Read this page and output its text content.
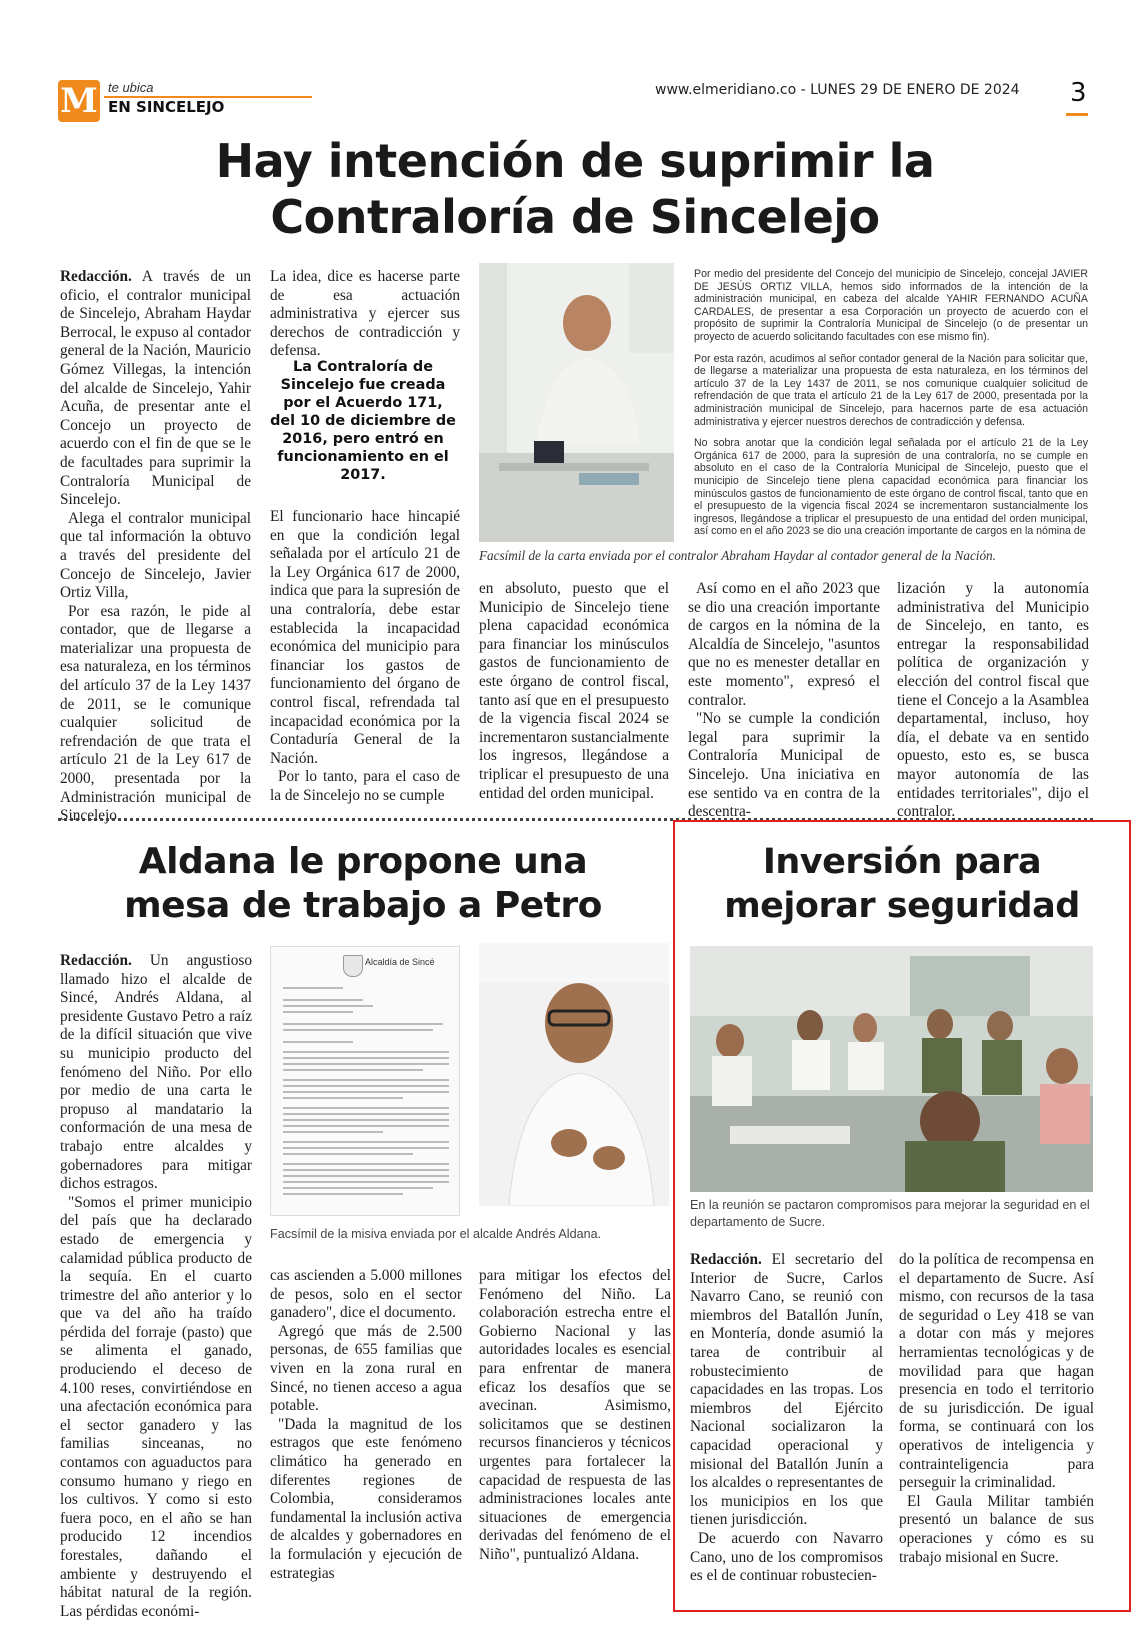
M te ubica
EN SINCELEJO
www.elmeridiano.co - LUNES 29 DE ENERO DE 2024 3
Hay intención de suprimir la
Contraloría de Sincelejo

Redacción. A través de un oficio, el contralor municipal de Sincelejo, Abraham Haydar Berrocal, le expuso al contador general de la Nación, Mauricio Gómez Villegas, la intención del alcalde de Sincelejo, Yahir Acuña, de presentar ante el Concejo un proyecto de acuerdo con el fin de que se le de facultades para suprimir la Contraloría Municipal de Sincelejo.

Alega el contralor municipal que tal información la obtuvo a través del presidente del Concejo de Sincelejo, Javier Ortiz Villa,

Por esa razón, le pide al contador, que de llegarse a materializar una propuesta de esa naturaleza, en los términos del artículo 37 de la Ley 1437 de 2011, se le comunique cualquier solicitud de refrendación de que trata el artículo 21 de la Ley 617 de 2000, presentada por la Administración municipal de Sincelejo.

La idea, dice es hacerse parte de esa actuación administrativa y ejercer sus derechos de contradicción y defensa.

La Contraloría de Sincelejo fue creada por el Acuerdo 171, del 10 de diciembre de 2016, pero entró en funcionamiento en el 2017.

El funcionario hace hincapié en que la condición legal señalada por el artículo 21 de la Ley Orgánica 617 de 2000, indica que para la supresión de una contraloría, debe estar establecida la incapacidad económica del municipio para financiar los gastos de funcionamiento del órgano de control fiscal, refrendada tal incapacidad económica por la Contaduría General de la Nación.

Por lo tanto, para el caso de la de Sincelejo no se cumple

Por medio del presidente del Concejo del municipio de Sincelejo, concejal JAVIER DE JESÚS ORTIZ VILLA, hemos sido informados de la intención de la administración municipal, en cabeza del alcalde YAHIR FERNANDO ACUÑA CARDALES, de presentar a esa Corporación un proyecto de acuerdo con el propósito de suprimir la Contraloría Municipal de Sincelejo (o de presentar un proyecto de acuerdo solicitando facultades con ese mismo fin).

Por esta razón, acudimos al señor contador general de la Nación para solicitar que, de llegarse a materializar una propuesta de esta naturaleza, en los términos del artículo 37 de la Ley 1437 de 2011, se nos comunique cualquier solicitud de refrendación de que trata el artículo 21 de la Ley 617 de 2000, presentada por la administración municipal de Sincelejo, para hacernos parte de esa actuación administrativa y ejercer nuestros derechos de contradicción y defensa.

No sobra anotar que la condición legal señalada por el artículo 21 de la Ley Orgánica 617 de 2000, para la supresión de una contraloría, no se cumple en absoluto en el caso de la Contraloría Municipal de Sincelejo, puesto que el municipio de Sincelejo tiene plena capacidad económica para financiar los minúsculos gastos de funcionamiento de este órgano de control fiscal, tanto que en el presupuesto de la vigencia fiscal 2024 se incrementaron sustancialmente los ingresos, llegándose a triplicar el presupuesto de una entidad del orden municipal, así como en el año 2023 se dio una creación importante de cargos en la nómina de

Facsímil de la carta enviada por el contralor Abraham Haydar al contador general de la Nación.

en absoluto, puesto que el Municipio de Sincelejo tiene plena capacidad económica para financiar los minúsculos gastos de funcionamiento de este órgano de control fiscal, tanto así que en el presupuesto de la vigencia fiscal 2024 se incrementaron sustancialmente los ingresos, llegándose a triplicar el presupuesto de una entidad del orden municipal.

Así como en el año 2023 que se dio una creación importante de cargos en la nómina de la Alcaldía de Sincelejo, "asuntos que no es menester detallar en este momento", expresó el contralor.

"No se cumple la condición legal para suprimir la Contraloría Municipal de Sincelejo. Una iniciativa en ese sentido va en contra de la descentra-

lización y la autonomía administrativa del Municipio de Sincelejo, en tanto, es entregar la responsabilidad política de organización y elección del control fiscal que tiene el Concejo a la Asamblea departamental, incluso, hoy día, el debate va en sentido opuesto, esto es, se busca mayor autonomía de las entidades territoriales", dijo el contralor.

Aldana le propone una
mesa de trabajo a Petro

Redacción. Un angustioso llamado hizo el alcalde de Sincé, Andrés Aldana, al presidente Gustavo Petro a raíz de la difícil situación que vive su municipio producto del fenómeno del Niño. Por ello por medio de una carta le propuso al mandatario la conformación de una mesa de trabajo entre alcaldes y gobernadores para mitigar dichos estragos.

"Somos el primer municipio del país que ha declarado estado de emergencia y calamidad pública producto de la sequía. En el cuarto trimestre del año anterior y lo que va del año ha traído pérdida del forraje (pasto) que se alimenta el ganado, produciendo el deceso de 4.100 reses, convirtiéndose en una afectación económica para el sector ganadero y las familias sinceanas, no contamos con aguaductos para consumo humano y riego en los cultivos. Y como si esto fuera poco, en el año se han producido 12 incendios forestales, dañando el ambiente y destruyendo el hábitat natural de la región. Las pérdidas económi-

Alcaldía de Sincé
Facsímil de la misiva enviada por el alcalde Andrés Aldana.

cas ascienden a 5.000 millones de pesos, solo en el sector ganadero", dice el documento.

Agregó que más de 2.500 personas, de 655 familias que viven en la zona rural en Sincé, no tienen acceso a agua potable.

"Dada la magnitud de los estragos que este fenómeno climático ha generado en diferentes regiones de Colombia, consideramos fundamental la inclusión activa de alcaldes y gobernadores en la formulación y ejecución de estrategias

para mitigar los efectos del Fenómeno del Niño. La colaboración estrecha entre el Gobierno Nacional y las autoridades locales es esencial para enfrentar de manera eficaz los desafíos que se avecinan. Asimismo, solicitamos que se destinen recursos financieros y técnicos urgentes para fortalecer la capacidad de respuesta de las administraciones locales ante situaciones de emergencia derivadas del fenómeno de el Niño", puntualizó Aldana.

Inversión para
mejorar seguridad
En la reunión se pactaron compromisos para mejorar la seguridad en el departamento de Sucre.

Redacción. El secretario del Interior de Sucre, Carlos Navarro Cano, se reunió con miembros del Batallón Junín, en Montería, donde asumió la tarea de contribuir al robustecimiento de capacidades en las tropas. Los miembros del Ejército Nacional socializaron la capacidad operacional y misional del Batallón Junín a los alcaldes o representantes de los municipios en los que tienen jurisdicción.

De acuerdo con Navarro Cano, uno de los compromisos es el de continuar robustecien-

do la política de recompensa en el departamento de Sucre. Así mismo, con recursos de la tasa de seguridad o Ley 418 se van a dotar con más y mejores herramientas tecnológicas y de movilidad para que hagan presencia en todo el territorio de su jurisdicción. De igual forma, se continuará con los operativos de inteligencia y contrainteligencia para perseguir la criminalidad.

El Gaula Militar también presentó un balance de sus operaciones y cómo es su trabajo misional en Sucre.
